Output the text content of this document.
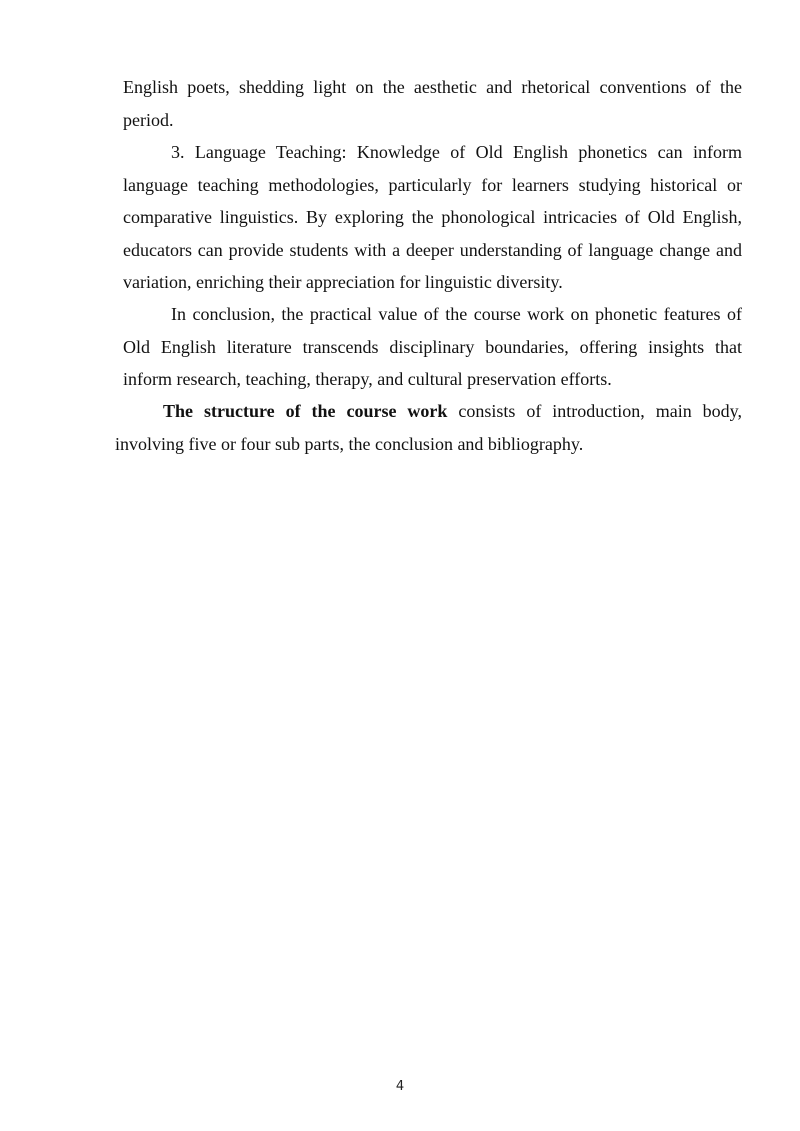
English poets, shedding light on the aesthetic and rhetorical conventions of the period.

3. Language Teaching: Knowledge of Old English phonetics can inform language teaching methodologies, particularly for learners studying historical or comparative linguistics. By exploring the phonological intricacies of Old English, educators can provide students with a deeper understanding of language change and variation, enriching their appreciation for linguistic diversity.

In conclusion, the practical value of the course work on phonetic features of Old English literature transcends disciplinary boundaries, offering insights that inform research, teaching, therapy, and cultural preservation efforts.

The structure of the course work consists of introduction, main body, involving five or four sub parts, the conclusion and bibliography.

4
